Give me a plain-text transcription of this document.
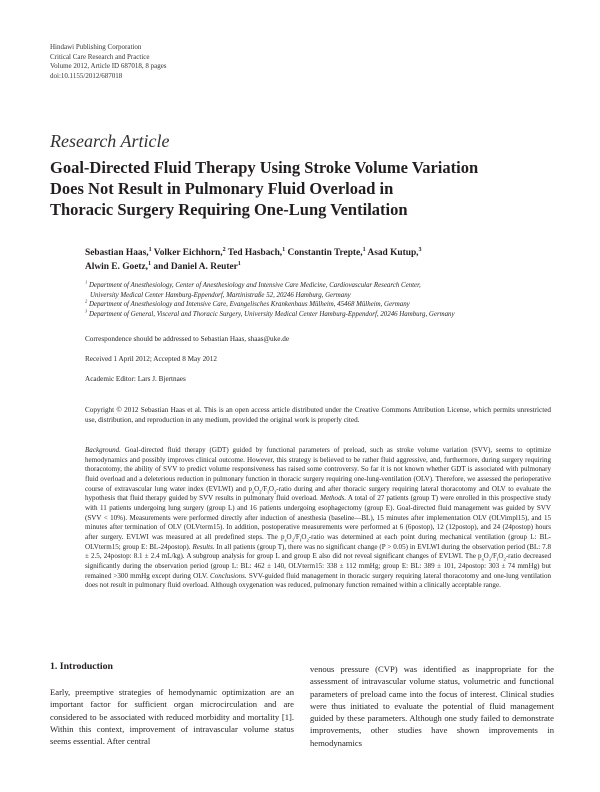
Hindawi Publishing Corporation
Critical Care Research and Practice
Volume 2012, Article ID 687018, 8 pages
doi:10.1155/2012/687018
Research Article
Goal-Directed Fluid Therapy Using Stroke Volume Variation
Does Not Result in Pulmonary Fluid Overload in
Thoracic Surgery Requiring One-Lung Ventilation
Sebastian Haas,$^1$ Volker Eichhorn,$^2$ Ted Hasbach,$^1$ Constantin Trepte,$^1$ Asad Kutup,$^3$
Alwin E. Goetz,$^1$ and Daniel A. Reuter$^1$
$^1$ Department of Anesthesiology, Center of Anesthesiology and Intensive Care Medicine, Cardiovascular Research Center,
University Medical Center Hamburg-Eppendorf, Martinistraße 52, 20246 Hamburg, Germany
$^2$ Department of Anesthesiology and Intensive Care, Evangelisches Krankenhaus Mülheim, 45468 Mülheim, Germany
$^3$ Department of General, Visceral and Thoracic Surgery, University Medical Center Hamburg-Eppendorf, 20246 Hamburg, Germany
Correspondence should be addressed to Sebastian Haas, shaas@uke.de
Received 1 April 2012; Accepted 8 May 2012
Academic Editor: Lars J. Bjertnaes
Copyright © 2012 Sebastian Haas et al. This is an open access article distributed under the Creative Commons Attribution License, which permits unrestricted use, distribution, and reproduction in any medium, provided the original work is properly cited.
Background. Goal-directed fluid therapy (GDT) guided by functional parameters of preload, such as stroke volume variation (SVV), seems to optimize hemodynamics and possibly improves clinical outcome. However, this strategy is believed to be rather fluid aggressive, and, furthermore, during surgery requiring thoracotomy, the ability of SVV to predict volume responsiveness has raised some controversy. So far it is not known whether GDT is associated with pulmonary fluid overload and a deleterious reduction in pulmonary function in thoracic surgery requiring one-lung-ventilation (OLV). Therefore, we assessed the perioperative course of extravascular lung water index (EVLWI) and $p_aO_2/F_IO_2$-ratio during and after thoracic surgery requiring lateral thoracotomy and OLV to evaluate the hypothesis that fluid therapy guided by SVV results in pulmonary fluid overload. Methods. A total of 27 patients (group T) were enrolled in this prospective study with 11 patients undergoing lung surgery (group L) and 16 patients undergoing esophagectomy (group E). Goal-directed fluid management was guided by SVV (SVV < 10%). Measurements were performed directly after induction of anesthesia (baseline—BL), 15 minutes after implementation OLV (OLVimpl15), and 15 minutes after termination of OLV (OLVterm15). In addition, postoperative measurements were performed at 6 (6postop), 12 (12postop), and 24 (24postop) hours after surgery. EVLWI was measured at all predefined steps. The $p_aO_2/F_IO_2$-ratio was determined at each point during mechanical ventilation (group L: BL-OLVterm15; group E: BL-24postop). Results. In all patients (group T), there was no significant change (P > 0.05) in EVLWI during the observation period (BL: 7.8 ± 2.5, 24postop: 8.1 ± 2.4 mL/kg). A subgroup analysis for group L and group E also did not reveal significant changes of EVLWI. The $p_aO_2/F_IO_2$-ratio decreased significantly during the observation period (group L: BL: 462 ± 140, OLVterm15: 338 ± 112 mmHg; group E: BL: 389 ± 101, 24postop: 303 ± 74 mmHg) but remained >300 mmHg except during OLV. Conclusions. SVV-guided fluid management in thoracic surgery requiring lateral thoracotomy and one-lung ventilation does not result in pulmonary fluid overload. Although oxygenation was reduced, pulmonary function remained within a clinically acceptable range.
1. Introduction
Early, preemptive strategies of hemodynamic optimization are an important factor for sufficient organ microcirculation and are considered to be associated with reduced morbidity and mortality [1]. Within this context, improvement of intravascular volume status seems essential. After central
venous pressure (CVP) was identified as inappropriate for the assessment of intravascular volume status, volumetric and functional parameters of preload came into the focus of interest. Clinical studies were thus initiated to evaluate the potential of fluid management guided by these parameters. Although one study failed to demonstrate improvements, other studies have shown improvements in hemodynamics
